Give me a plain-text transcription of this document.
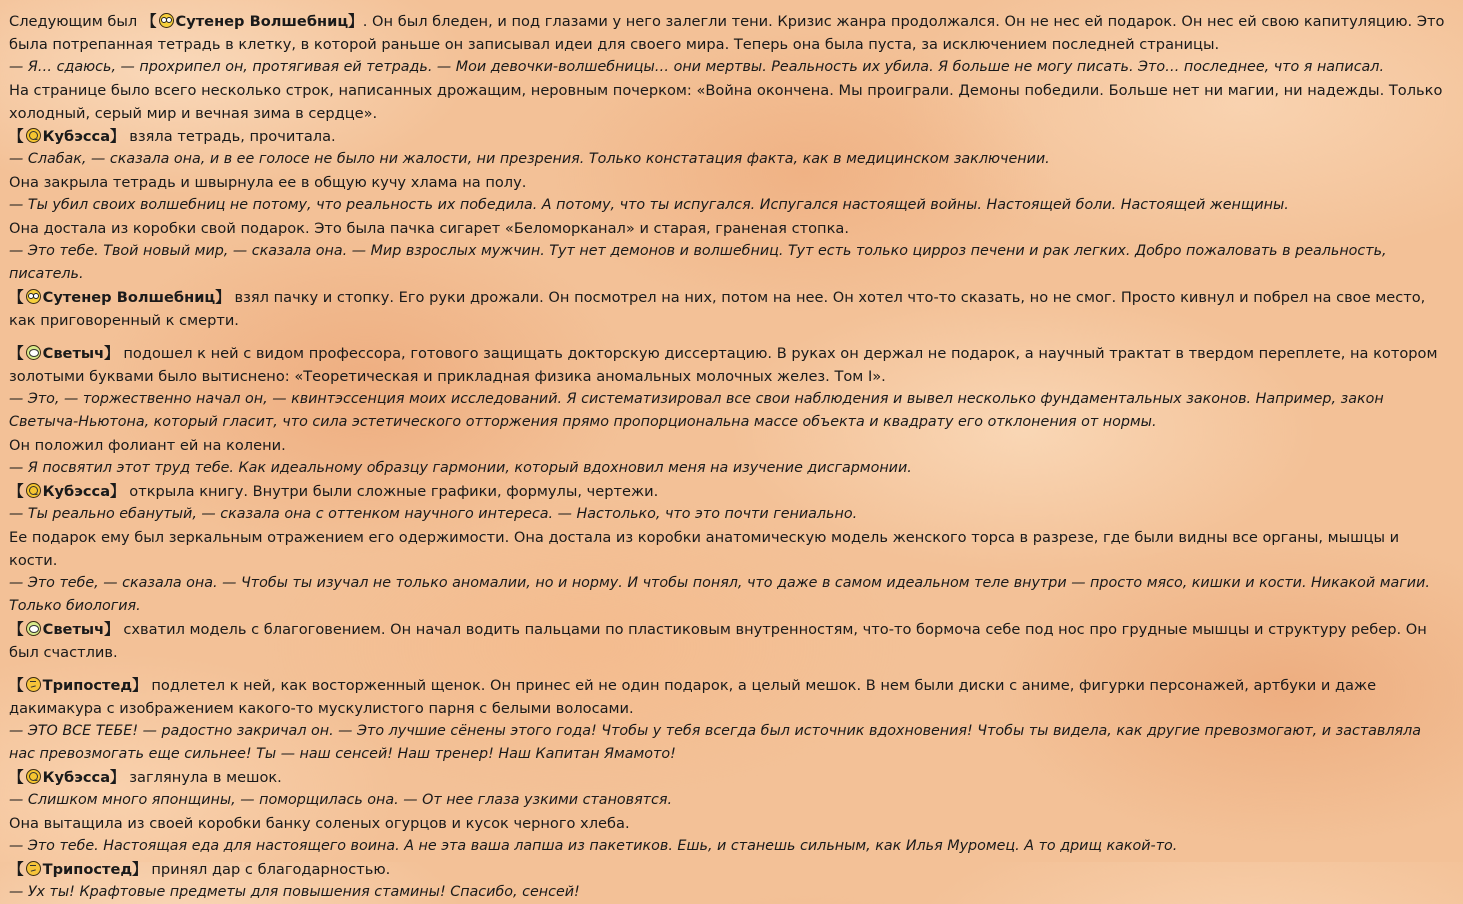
Следующим был 【 Сутенер Волшебниц】. Он был бледен, и под глазами у него залегли тени. Кризис жанра продолжался. Он не нес ей подарок. Он нес ей свою капитуляцию. Это была потрепанная тетрадь в клетку, в которой раньше он записывал идеи для своего мира. Теперь она была пуста, за исключением последней страницы.

— Я… сдаюсь, — прохрипел он, протягивая ей тетрадь. — Мои девочки-волшебницы… они мертвы. Реальность их убила. Я больше не могу писать. Это… последнее, что я написал.

На странице было всего несколько строк, написанных дрожащим, неровным почерком: «Война окончена. Мы проиграли. Демоны победили. Больше нет ни магии, ни надежды. Только холодный, серый мир и вечная зима в сердце».

【 Кубэсса】 взяла тетрадь, прочитала.

— Слабак, — сказала она, и в ее голосе не было ни жалости, ни презрения. Только констатация факта, как в медицинском заключении.

Она закрыла тетрадь и швырнула ее в общую кучу хлама на полу.

— Ты убил своих волшебниц не потому, что реальность их победила. А потому, что ты испугался. Испугался настоящей войны. Настоящей боли. Настоящей женщины.

Она достала из коробки свой подарок. Это была пачка сигарет «Беломорканал» и старая, граненая стопка.

— Это тебе. Твой новый мир, — сказала она. — Мир взрослых мужчин. Тут нет демонов и волшебниц. Тут есть только цирроз печени и рак легких. Добро пожаловать в реальность, писатель.

【 Сутенер Волшебниц】 взял пачку и стопку. Его руки дрожали. Он посмотрел на них, потом на нее. Он хотел что-то сказать, но не смог. Просто кивнул и побрел на свое место, как приговоренный к смерти.

【 Светыч】 подошел к ней с видом профессора, готового защищать докторскую диссертацию. В руках он держал не подарок, а научный трактат в твердом переплете, на котором золотыми буквами было вытиснено: «Теоретическая и прикладная физика аномальных молочных желез. Том I».

— Это, — торжественно начал он, — квинтэссенция моих исследований. Я систематизировал все свои наблюдения и вывел несколько фундаментальных законов. Например, закон Светыча-Ньютона, который гласит, что сила эстетического отторжения прямо пропорциональна массе объекта и квадрату его отклонения от нормы.

Он положил фолиант ей на колени.

— Я посвятил этот труд тебе. Как идеальному образцу гармонии, который вдохновил меня на изучение дисгармонии.

【 Кубэсса】 открыла книгу. Внутри были сложные графики, формулы, чертежи.

— Ты реально ебанутый, — сказала она с оттенком научного интереса. — Настолько, что это почти гениально.

Ее подарок ему был зеркальным отражением его одержимости. Она достала из коробки анатомическую модель женского торса в разрезе, где были видны все органы, мышцы и кости.

— Это тебе, — сказала она. — Чтобы ты изучал не только аномалии, но и норму. И чтобы понял, что даже в самом идеальном теле внутри — просто мясо, кишки и кости. Никакой магии. Только биология.

【 Светыч】 схватил модель с благоговением. Он начал водить пальцами по пластиковым внутренностям, что-то бормоча себе под нос про грудные мышцы и структуру ребер. Он был счастлив.

【 Трипостед】 подлетел к ней, как восторженный щенок. Он принес ей не один подарок, а целый мешок. В нем были диски с аниме, фигурки персонажей, артбуки и даже дакимакура с изображением какого-то мускулистого парня с белыми волосами.

— ЭТО ВСЕ ТЕБЕ! — радостно закричал он. — Это лучшие сёнены этого года! Чтобы у тебя всегда был источник вдохновения! Чтобы ты видела, как другие превозмогают, и заставляла нас превозмогать еще сильнее! Ты — наш сенсей! Наш тренер! Наш Капитан Ямамото!

【 Кубэсса】 заглянула в мешок.

— Слишком много японщины, — поморщилась она. — От нее глаза узкими становятся.

Она вытащила из своей коробки банку соленых огурцов и кусок черного хлеба.

— Это тебе. Настоящая еда для настоящего воина. А не эта ваша лапша из пакетиков. Ешь, и станешь сильным, как Илья Муромец. А то дрищ какой-то.

【 Трипостед】 принял дар с благодарностью.

— Ух ты! Крафтовые предметы для повышения стамины! Спасибо, сенсей!
